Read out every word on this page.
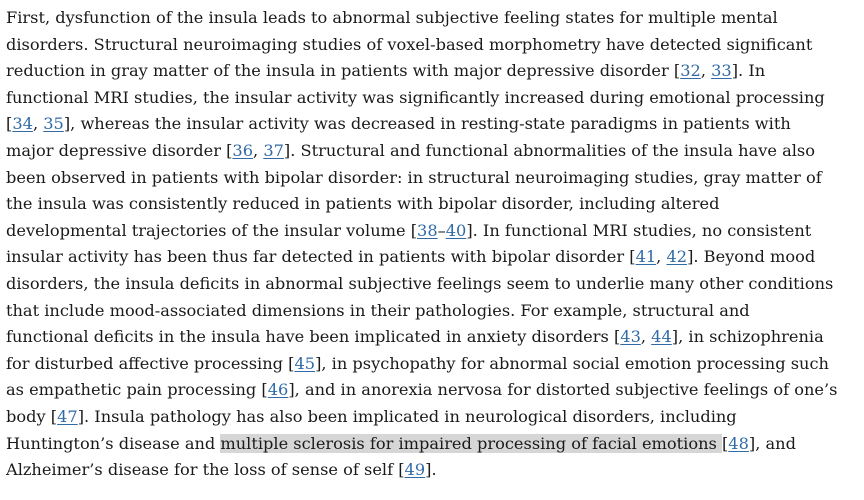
First, dysfunction of the insula leads to abnormal subjective feeling states for multiple mental
disorders. Structural neuroimaging studies of voxel-based morphometry have detected significant
reduction in gray matter of the insula in patients with major depressive disorder [32, 33]. In
functional MRI studies, the insular activity was significantly increased during emotional processing
[34, 35], whereas the insular activity was decreased in resting-state paradigms in patients with
major depressive disorder [36, 37]. Structural and functional abnormalities of the insula have also
been observed in patients with bipolar disorder: in structural neuroimaging studies, gray matter of
the insula was consistently reduced in patients with bipolar disorder, including altered
developmental trajectories of the insular volume [38–40]. In functional MRI studies, no consistent
insular activity has been thus far detected in patients with bipolar disorder [41, 42]. Beyond mood
disorders, the insula deficits in abnormal subjective feelings seem to underlie many other conditions
that include mood-associated dimensions in their pathologies. For example, structural and
functional deficits in the insula have been implicated in anxiety disorders [43, 44], in schizophrenia
for disturbed affective processing [45], in psychopathy for abnormal social emotion processing such
as empathetic pain processing [46], and in anorexia nervosa for distorted subjective feelings of one’s
body [47]. Insula pathology has also been implicated in neurological disorders, including
Huntington’s disease and multiple sclerosis for impaired processing of facial emotions [48], and
Alzheimer’s disease for the loss of sense of self [49].
